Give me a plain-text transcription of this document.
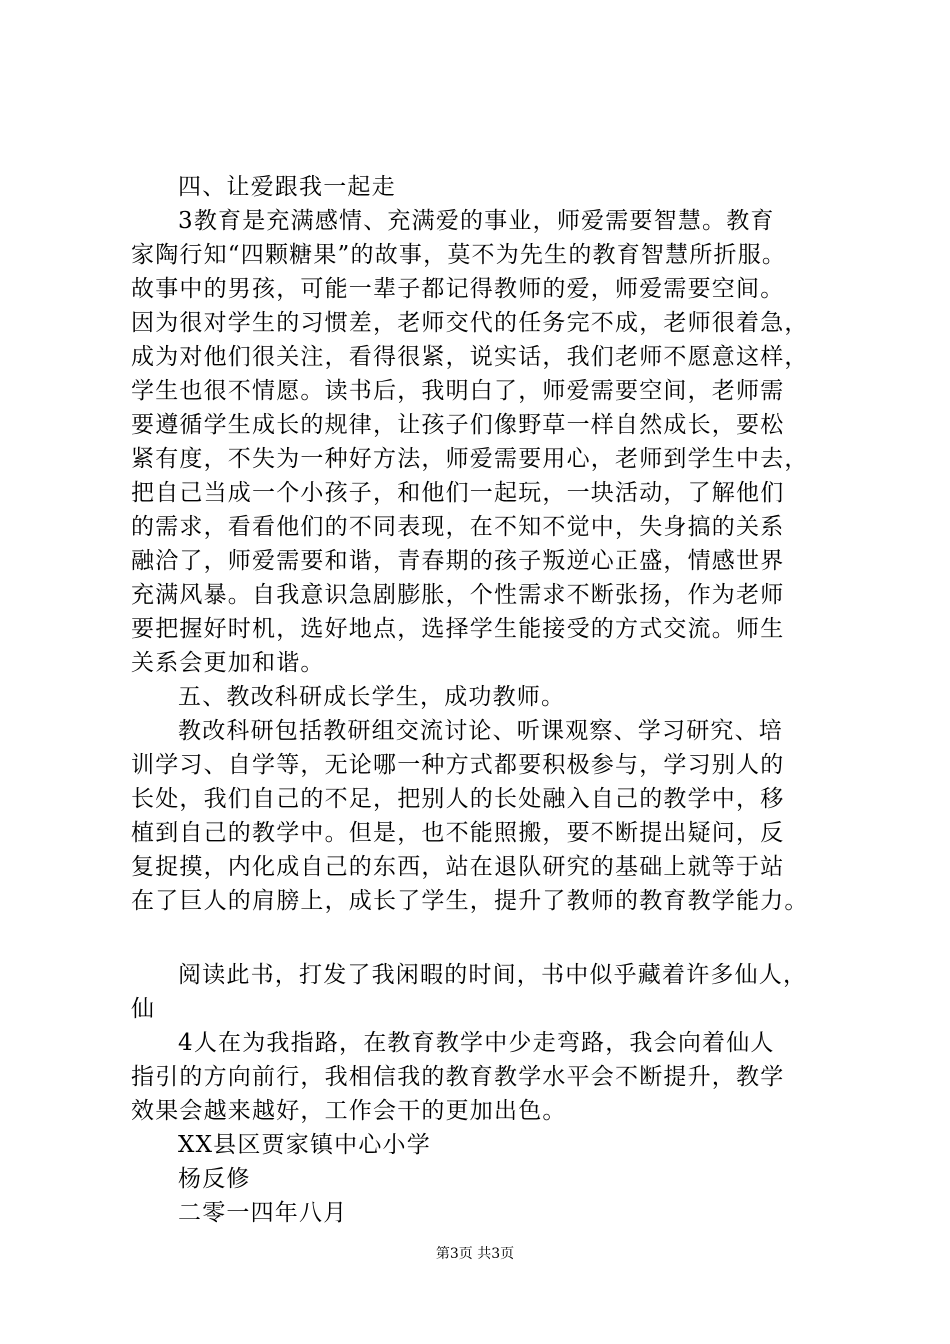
四、让爱跟我一起走
3教育是充满感情、充满爱的事业，师爱需要智慧。教育
家陶行知“四颗糖果”的故事，莫不为先生的教育智慧所折服。
故事中的男孩，可能一辈子都记得教师的爱，师爱需要空间。
因为很对学生的习惯差，老师交代的任务完不成，老师很着急，
成为对他们很关注，看得很紧，说实话，我们老师不愿意这样，
学生也很不情愿。读书后，我明白了，师爱需要空间，老师需
要遵循学生成长的规律，让孩子们像野草一样自然成长，要松
紧有度，不失为一种好方法，师爱需要用心，老师到学生中去，
把自己当成一个小孩子，和他们一起玩，一块活动，了解他们
的需求，看看他们的不同表现，在不知不觉中，失身搞的关系
融洽了，师爱需要和谐，青春期的孩子叛逆心正盛，情感世界
充满风暴。自我意识急剧膨胀，个性需求不断张扬，作为老师
要把握好时机，选好地点，选择学生能接受的方式交流。师生
关系会更加和谐。
五、教改科研成长学生，成功教师。
教改科研包括教研组交流讨论、听课观察、学习研究、培
训学习、自学等，无论哪一种方式都要积极参与，学习别人的
长处，我们自己的不足，把别人的长处融入自己的教学中，移
植到自己的教学中。但是，也不能照搬，要不断提出疑问，反
复捉摸，内化成自己的东西，站在退队研究的基础上就等于站
在了巨人的肩膀上，成长了学生，提升了教师的教育教学能力。
阅读此书，打发了我闲暇的时间，书中似乎藏着许多仙人，
仙
4人在为我指路，在教育教学中少走弯路，我会向着仙人
指引的方向前行，我相信我的教育教学水平会不断提升，教学
效果会越来越好，工作会干的更加出色。
XX县区贾家镇中心小学
杨反修
二零一四年八月
第3页 共3页
